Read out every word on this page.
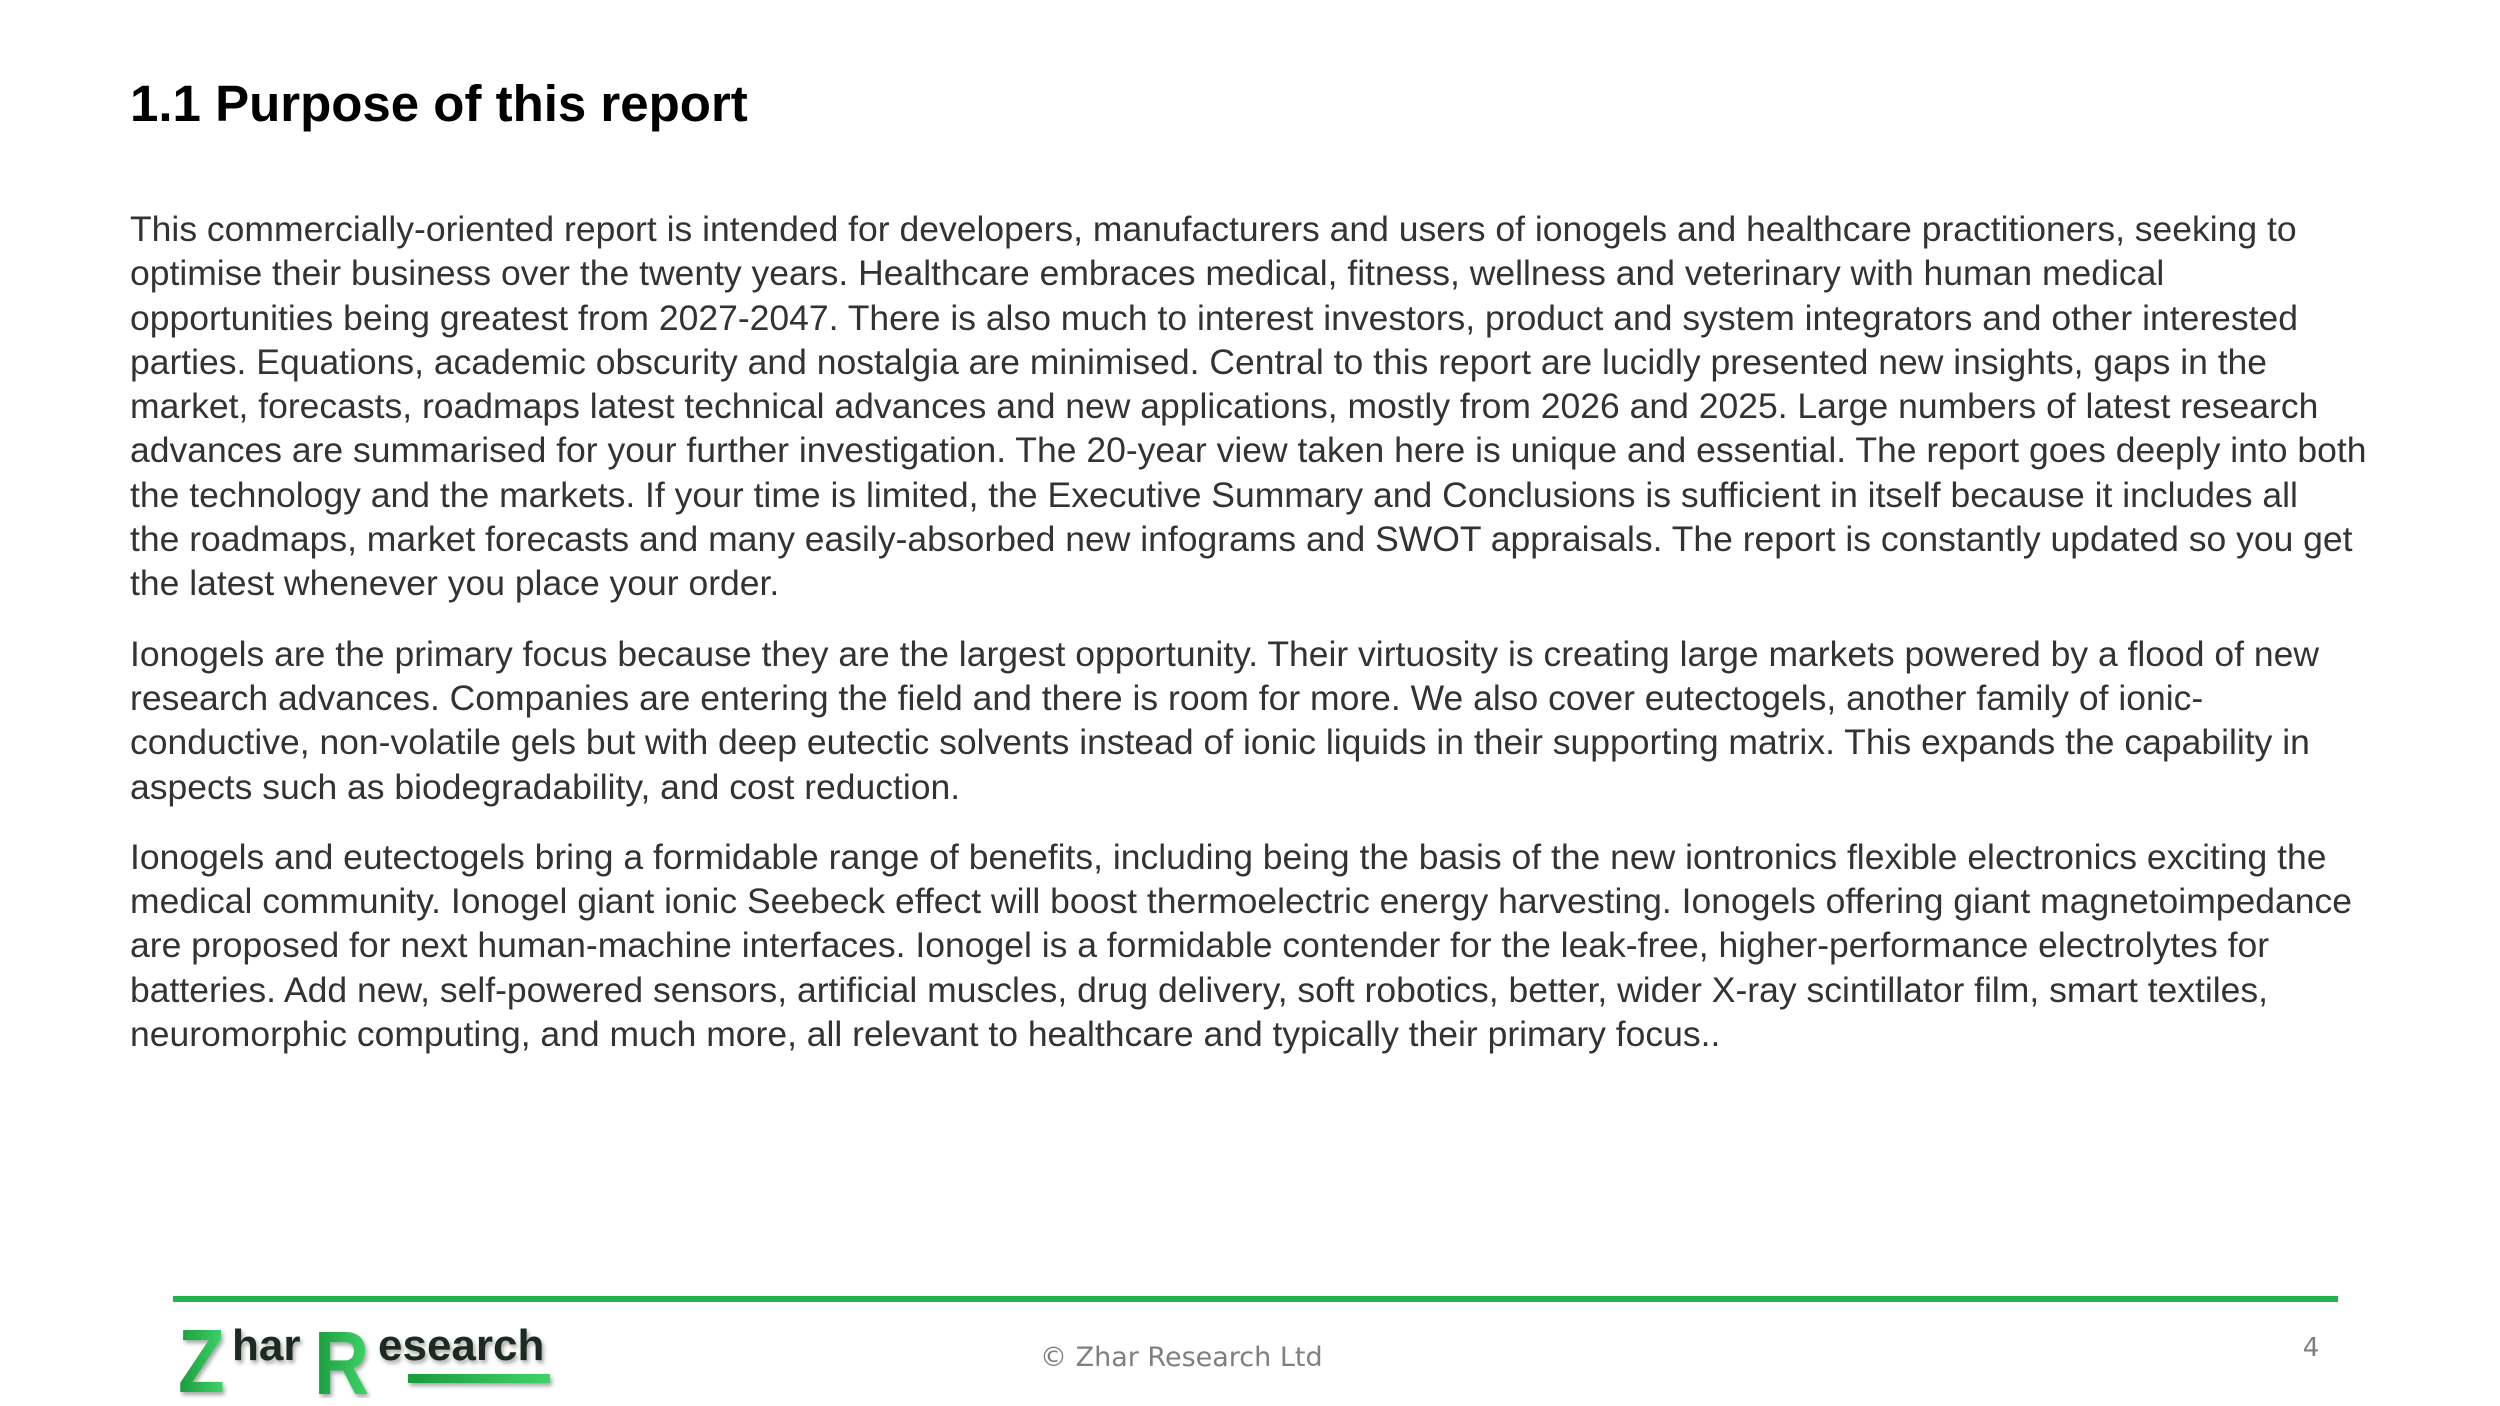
1.1 Purpose of this report

This commercially-oriented report is intended for developers, manufacturers and users of ionogels and healthcare practitioners, seeking to
optimise their business over the twenty years. Healthcare embraces medical, fitness, wellness and veterinary with human medical
opportunities being greatest from 2027-2047. There is also much to interest investors, product and system integrators and other interested
parties. Equations, academic obscurity and nostalgia are minimised. Central to this report are lucidly presented new insights, gaps in the
market, forecasts, roadmaps latest technical advances and new applications, mostly from 2026 and 2025. Large numbers of latest research
advances are summarised for your further investigation. The 20-year view taken here is unique and essential. The report goes deeply into both
the technology and the markets. If your time is limited, the Executive Summary and Conclusions is sufficient in itself because it includes all
the roadmaps, market forecasts and many easily-absorbed new infograms and SWOT appraisals. The report is constantly updated so you get
the latest whenever you place your order.

Ionogels are the primary focus because they are the largest opportunity. Their virtuosity is creating large markets powered by a flood of new
research advances. Companies are entering the field and there is room for more. We also cover eutectogels, another family of ionic-
conductive, non-volatile gels but with deep eutectic solvents instead of ionic liquids in their supporting matrix. This expands the capability in
aspects such as biodegradability, and cost reduction.

Ionogels and eutectogels bring a formidable range of benefits, including being the basis of the new iontronics flexible electronics exciting the
medical community. Ionogel giant ionic Seebeck effect will boost thermoelectric energy harvesting. Ionogels offering giant magnetoimpedance
are proposed for next human-machine interfaces. Ionogel is a formidable contender for the leak-free, higher-performance electrolytes for
batteries. Add new, self-powered sensors, artificial muscles, drug delivery, soft robotics, better, wider X-ray scintillator film, smart textiles,
neuromorphic computing, and much more, all relevant to healthcare and typically their primary focus..

Z har R esearch	© Zhar Research Ltd	4
